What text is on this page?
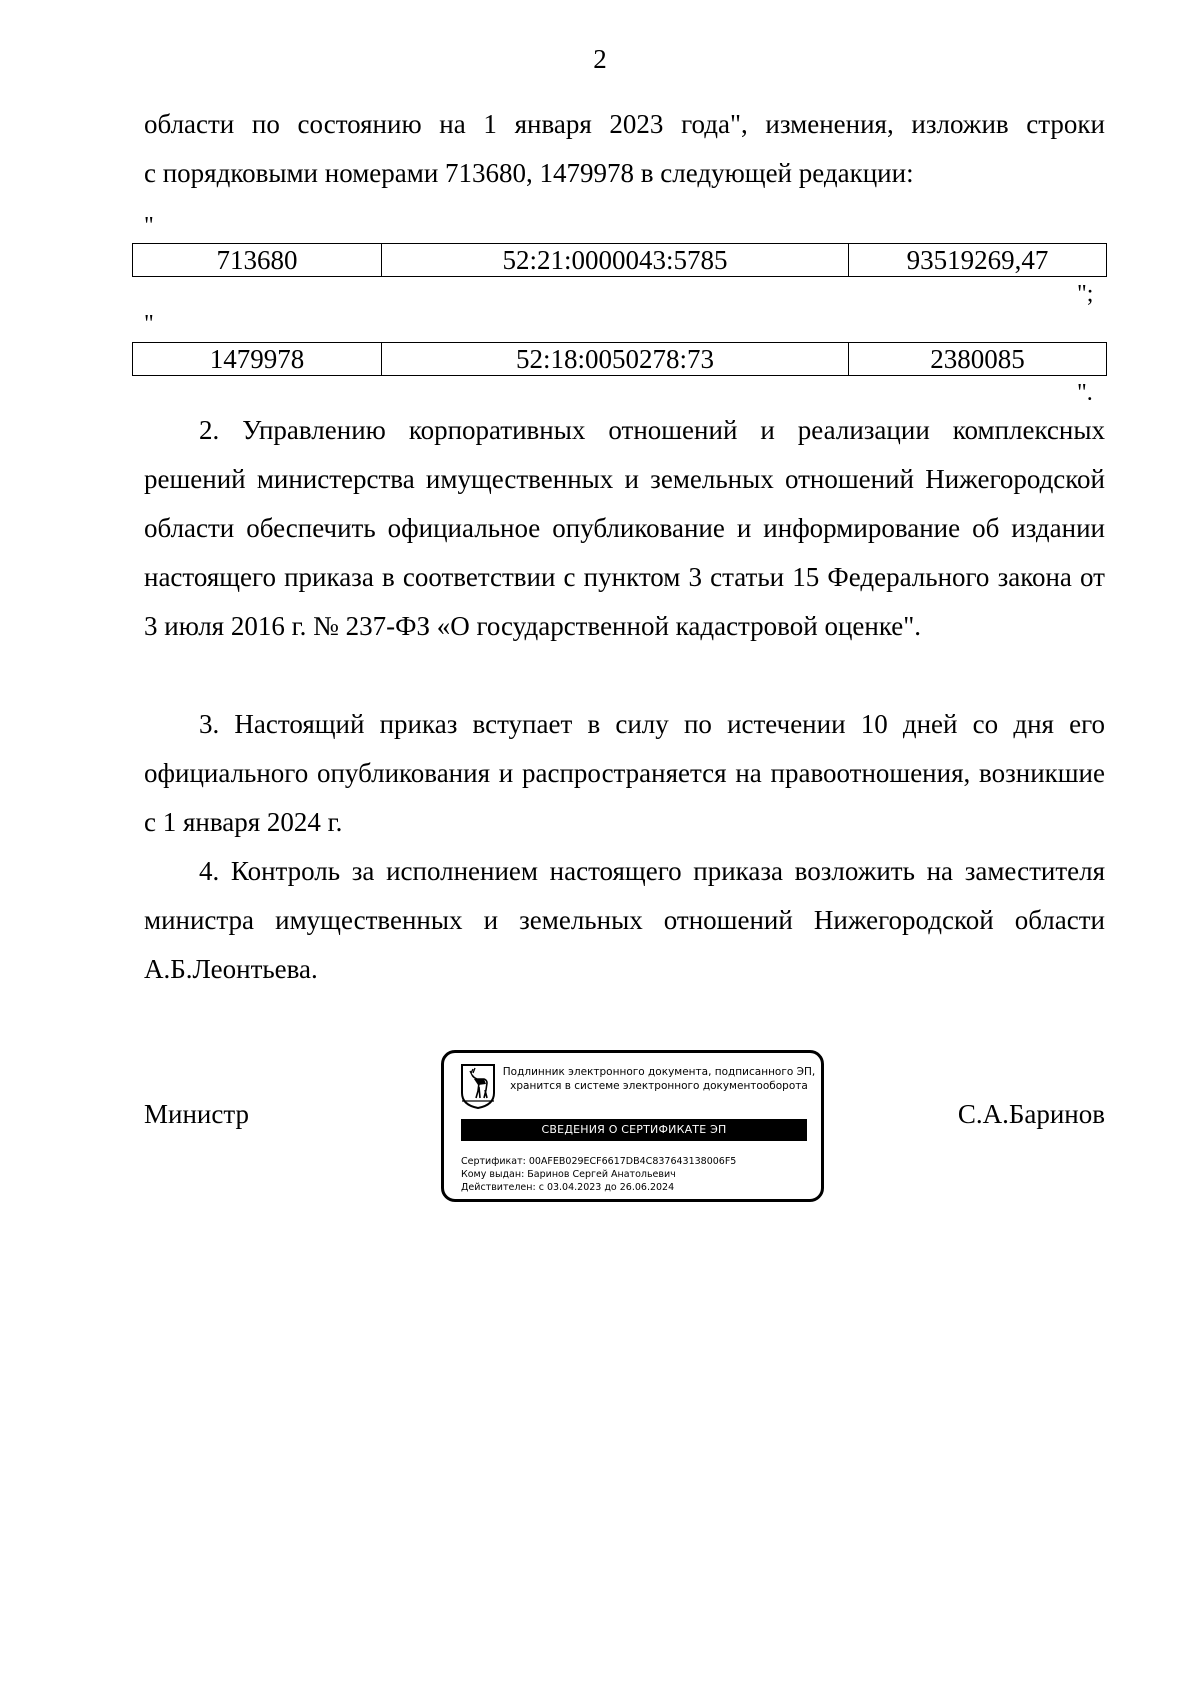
2
области по состоянию на 1 января 2023 года", изменения, изложив строки
с порядковыми номерами 713680, 1479978 в следующей редакции:
"
713680	52:21:0000043:5785	93519269,47
";
"
1479978	52:18:0050278:73	2380085
".
2. Управлению корпоративных отношений и реализации комплексных решений министерства имущественных и земельных отношений Нижегородской области обеспечить официальное опубликование и информирование об издании настоящего приказа в соответствии с пунктом 3 статьи 15 Федерального закона от 3 июля 2016 г. № 237-ФЗ «О государственной кадастровой оценке".
3. Настоящий приказ вступает в силу по истечении 10 дней со дня его официального опубликования и распространяется на правоотношения, возникшие с 1 января 2024 г.
4. Контроль за исполнением настоящего приказа возложить на заместителя министра имущественных и земельных отношений Нижегородской области А.Б.Леонтьева.
Министр	С.А.Баринов
Подлинник электронного документа, подписанного ЭП,
хранится в системе электронного документооборота
СВЕДЕНИЯ О СЕРТИФИКАТЕ ЭП
Сертификат: 00AFEB029ECF6617DB4C837643138006F5
Кому выдан: Баринов Сергей Анатольевич
Действителен: с 03.04.2023 до 26.06.2024
